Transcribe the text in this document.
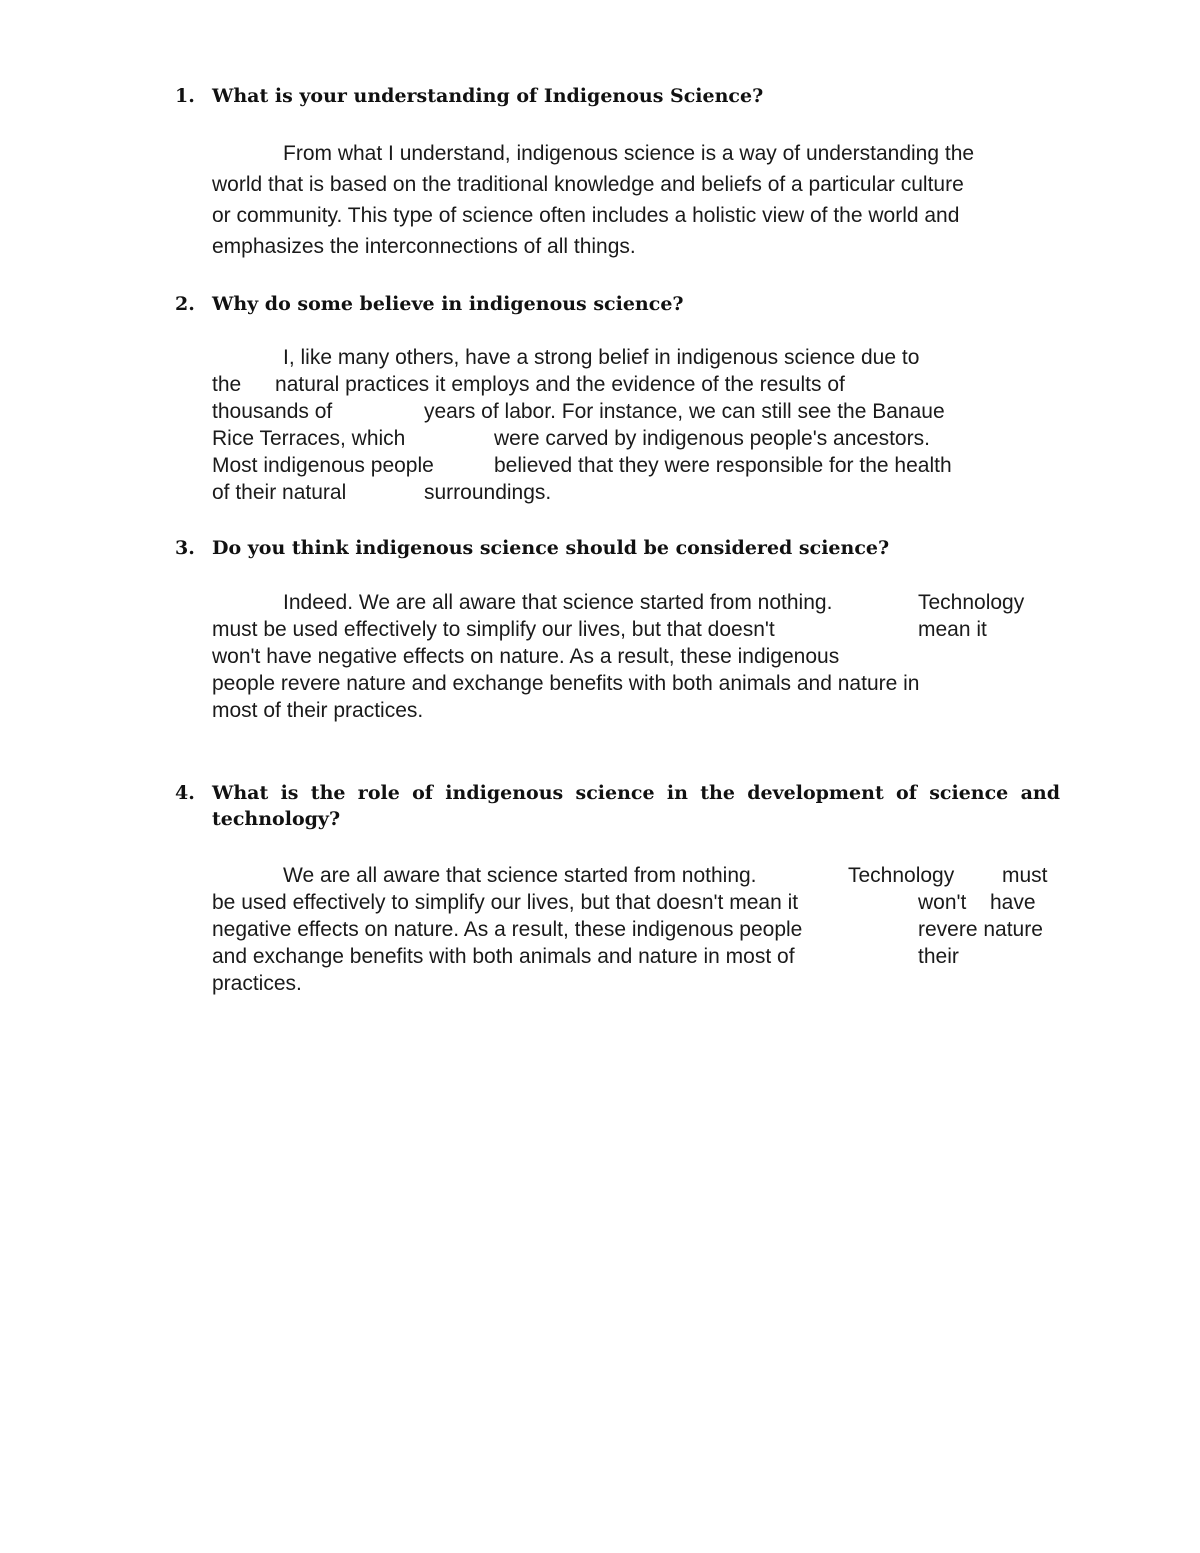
1. What is your understanding of Indigenous Science?
From what I understand, indigenous science is a way of understanding the
world that is based on the traditional knowledge and beliefs of a particular culture
or community. This type of science often includes a holistic view of the world and
emphasizes the interconnections of all things.
2. Why do some believe in indigenous science?
I, like many others, have a strong belief in indigenous science due to
the natural practices it employs and the evidence of the results of
thousands of	years of labor. For instance, we can still see the Banaue
Rice Terraces, which	were carved by indigenous people's ancestors.
Most indigenous people	believed that they were responsible for the health
of their natural	surroundings.
3. Do you think indigenous science should be considered science?
Indeed. We are all aware that science started from nothing.	Technology
must be used effectively to simplify our lives, but that doesn't	mean it
won't have negative effects on nature. As a result, these indigenous
people revere nature and exchange benefits with both animals and nature in
most of their practices.
4. What is the role of indigenous science in the development of science and technology?
We are all aware that science started from nothing.	Technology must
be used effectively to simplify our lives, but that doesn't mean it	won't have
negative effects on nature. As a result, these indigenous people	revere nature
and exchange benefits with both animals and nature in most of	their
practices.
